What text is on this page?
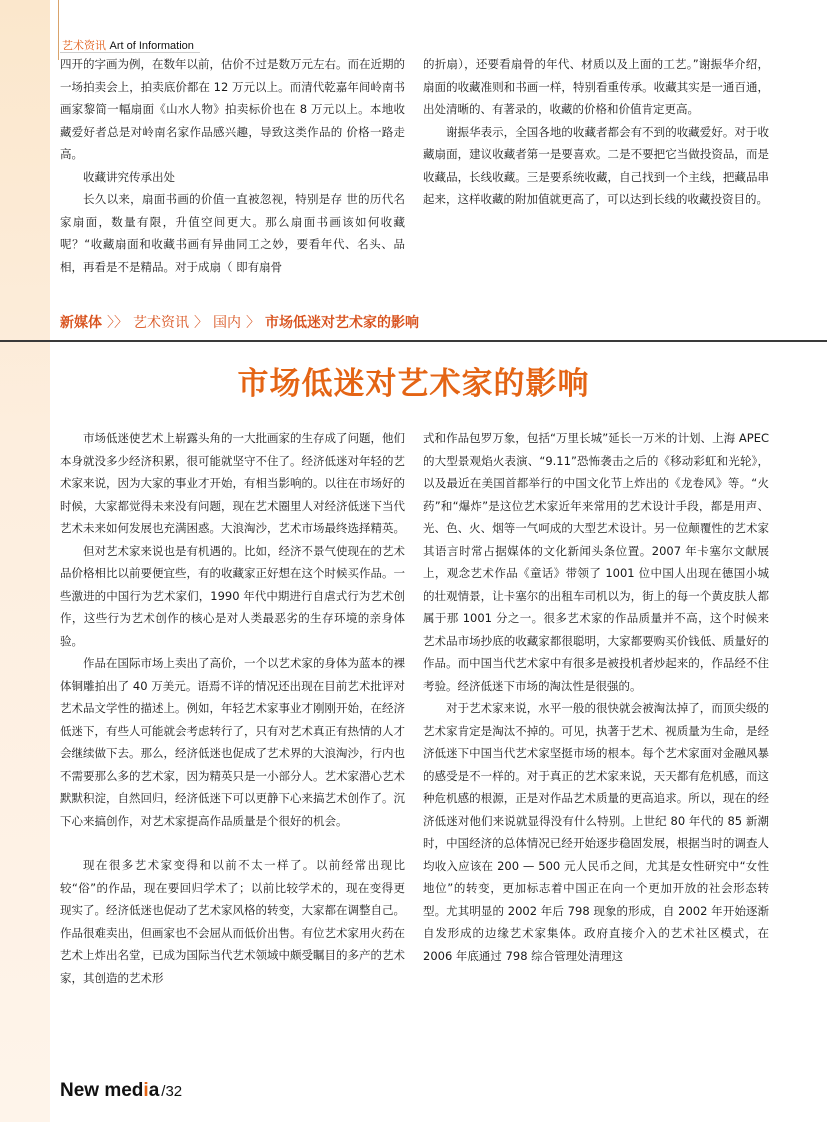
艺术资讯 Art of Information

四开的字画为例，在数年以前，估价不过是数万元左右。而在近期的一场拍卖会上，拍卖底价都在 12 万元以上。而清代乾嘉年间岭南书画家黎简一幅扇面《山水人物》拍卖标价也在 8 万元以上。本地收藏爱好者总是对岭南名家作品感兴趣，导致这类作品的 价格一路走高。

收藏讲究传承出处

长久以来，扇面书画的价值一直被忽视，特别是存 世的历代名家扇面，数量有限，升值空间更大。那么扇面书画该如何收藏呢？“收藏扇面和收藏书画有异曲同工之妙，要看年代、名头、品相，再看是不是精品。对于成扇（ 即有扇骨

的折扇），还要看扇骨的年代、材质以及上面的工艺。”谢振华介绍，扇面的收藏准则和书画一样，特别看重传承。收藏其实是一通百通，出处清晰的、有著录的，收藏的价格和价值肯定更高。

谢振华表示，全国各地的收藏者都会有不到的收藏爱好。对于收藏扇面，建议收藏者第一是要喜欢。二是不要把它当做投资品，而是收藏品，长线收藏。三是要系统收藏，自己找到一个主线，把藏品串起来，这样收藏的附加值就更高了，可以达到长线的收藏投资目的。

新媒体 〉〉 艺术资讯 〉 国内 〉 市场低迷对艺术家的影响
市场低迷对艺术家的影响

市场低迷使艺术上崭露头角的一大批画家的生存成了问题，他们本身就没多少经济积累，很可能就坚守不住了。经济低迷对年轻的艺术家来说，因为大家的事业才开始，有相当影响的。以往在市场好的时候，大家都觉得未来没有问题，现在艺术圈里人对经济低迷下当代艺术未来如何发展也充满困惑。大浪淘沙，艺术市场最终选择精英。

但对艺术家来说也是有机遇的。比如，经济不景气使现在的艺术品价格相比以前要便宜些，有的收藏家正好想在这个时候买作品。一些激进的中国行为艺术家们，1990 年代中期进行自虐式行为艺术创作，这些行为艺术创作的核心是对人类最恶劣的生存环境的亲身体验。

作品在国际市场上卖出了高价，一个以艺术家的身体为蓝本的裸体铜雕拍出了 40 万美元。语焉不详的情况还出现在目前艺术批评对艺术品文学性的描述上。例如，年轻艺术家事业才刚刚开始，在经济低迷下，有些人可能就会考虑转行了，只有对艺术真正有热情的人才会继续做下去。那么，经济低迷也促成了艺术界的大浪淘沙，行内也不需要那么多的艺术家，因为精英只是一小部分人。艺术家潜心艺术默默积淀，自然回归，经济低迷下可以更静下心来搞艺术创作了。沉下心来搞创作，对艺术家提高作品质量是个很好的机会。

现在很多艺术家变得和以前不太一样了。以前经常出现比较“俗”的作品，现在要回归学术了；以前比较学术的，现在变得更现实了。经济低迷也促动了艺术家风格的转变，大家都在调整自己。作品很难卖出，但画家也不会屈从而低价出售。有位艺术家用火药在艺术上炸出名堂，已成为国际当代艺术领域中颇受瞩目的多产的艺术家，其创造的艺术形

式和作品包罗万象，包括“万里长城”延长一万米的计划、上海 APEC 的大型景观焰火表演、“9.11”恐怖袭击之后的《移动彩虹和光轮》，以及最近在美国首都举行的中国文化节上炸出的《龙卷风》等。“火药”和“爆炸”是这位艺术家近年来常用的艺术设计手段，都是用声、光、色、火、烟等一气呵成的大型艺术设计。另一位颠覆性的艺术家其语言时常占据媒体的文化新闻头条位置。2007 年卡塞尔文献展上，观念艺术作品《童话》带领了 1001 位中国人出现在德国小城的壮观情景，让卡塞尔的出租车司机以为，街上的每一个黄皮肤人都属于那 1001 分之一。很多艺术家的作品质量并不高，这个时候来艺术品市场抄底的收藏家都很聪明，大家都要购买价钱低、质量好的作品。而中国当代艺术家中有很多是被投机者炒起来的，作品经不住考验。经济低迷下市场的淘汰性是很强的。

对于艺术家来说，水平一般的很快就会被淘汰掉了，而顶尖级的艺术家肯定是淘汰不掉的。可见，执著于艺术、视质量为生命，是经济低迷下中国当代艺术家坚挺市场的根本。每个艺术家面对金融风暴的感受是不一样的。对于真正的艺术家来说，天天都有危机感，而这种危机感的根源，正是对作品艺术质量的更高追求。所以，现在的经济低迷对他们来说就显得没有什么特别。上世纪 80 年代的 85 新潮时，中国经济的总体情况已经开始逐步稳固发展，根据当时的调查人均收入应该在 200 — 500 元人民币之间，尤其是女性研究中“女性地位”的转变，更加标志着中国正在向一个更加开放的社会形态转型。尤其明显的 2002 年后 798 现象的形成，自 2002 年开始逐渐自发形成的边缘艺术家集体。政府直接介入的艺术社区模式，在 2006 年底通过 798 综合管理处清理这

New media /32
